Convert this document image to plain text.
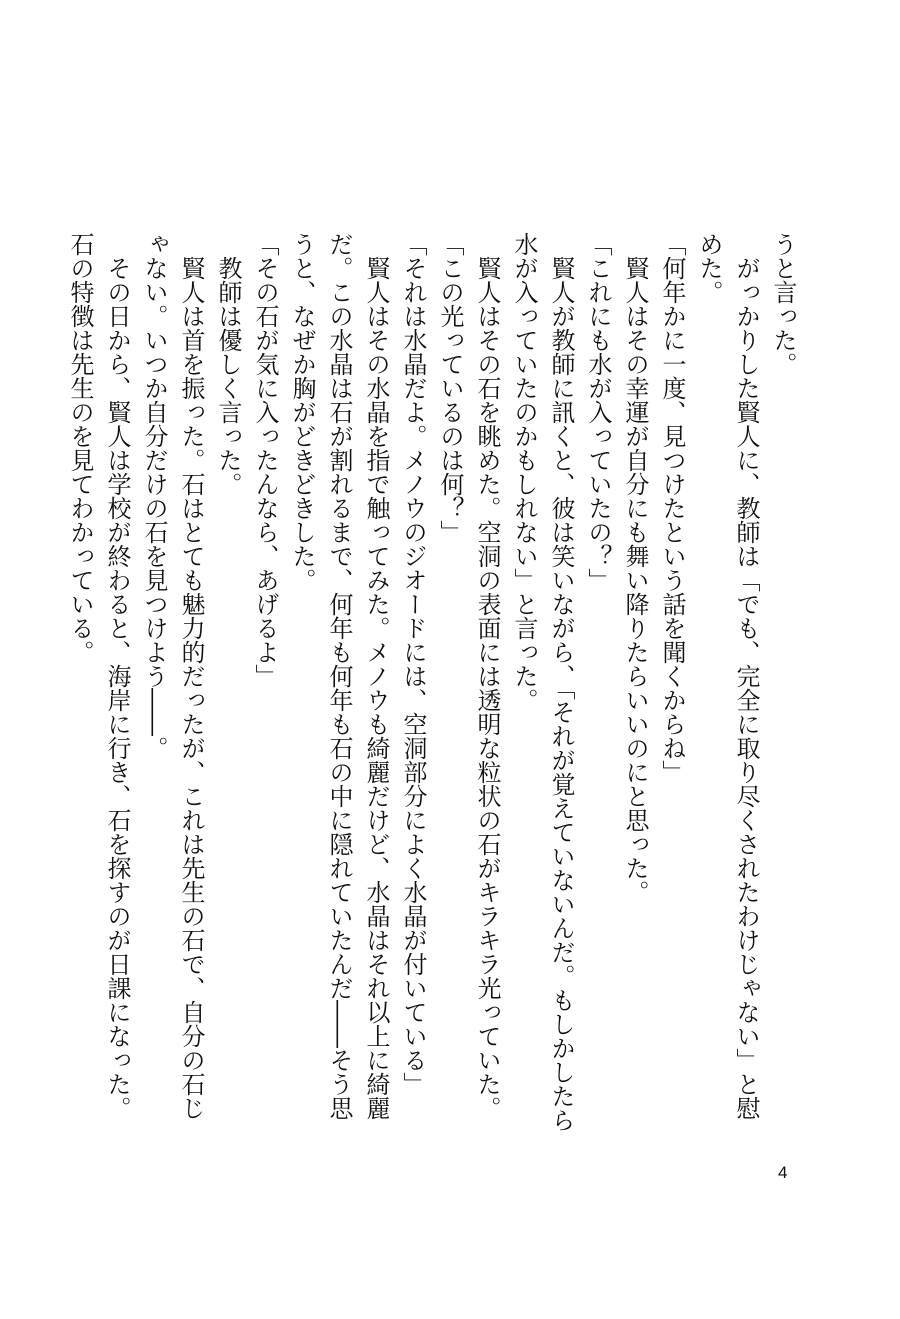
うと言った。

　がっかりした賢人に、教師は「でも、完全に取り尽くされたわけじゃない」と慰めた。

「何年かに一度、見つけたという話を聞くからね」

　賢人はその幸運が自分にも舞い降りたらいいのにと思った。

「これにも水が入っていたの？」

　賢人が教師に訊くと、彼は笑いながら、「それが覚えていないんだ。もしかしたら水が入っていたのかもしれない」と言った。

　賢人はその石を眺めた。空洞の表面には透明な粒状の石がキラキラ光っていた。

「この光っているのは何？」

「それは水晶だよ。メノウのジオードには、空洞部分によく水晶が付いている」

　賢人はその水晶を指で触ってみた。メノウも綺麗だけど、水晶はそれ以上に綺麗だ。この水晶は石が割れるまで、何年も何年も石の中に隠れていたんだ――そう思うと、なぜか胸がどきどきした。

「その石が気に入ったんなら、あげるよ」

　教師は優しく言った。

　賢人は首を振った。石はとても魅力的だったが、これは先生の石で、自分の石じゃない。いつか自分だけの石を見つけよう――。

　その日から、賢人は学校が終わると、海岸に行き、石を探すのが日課になった。石の特徴は先生のを見てわかっている。

4
